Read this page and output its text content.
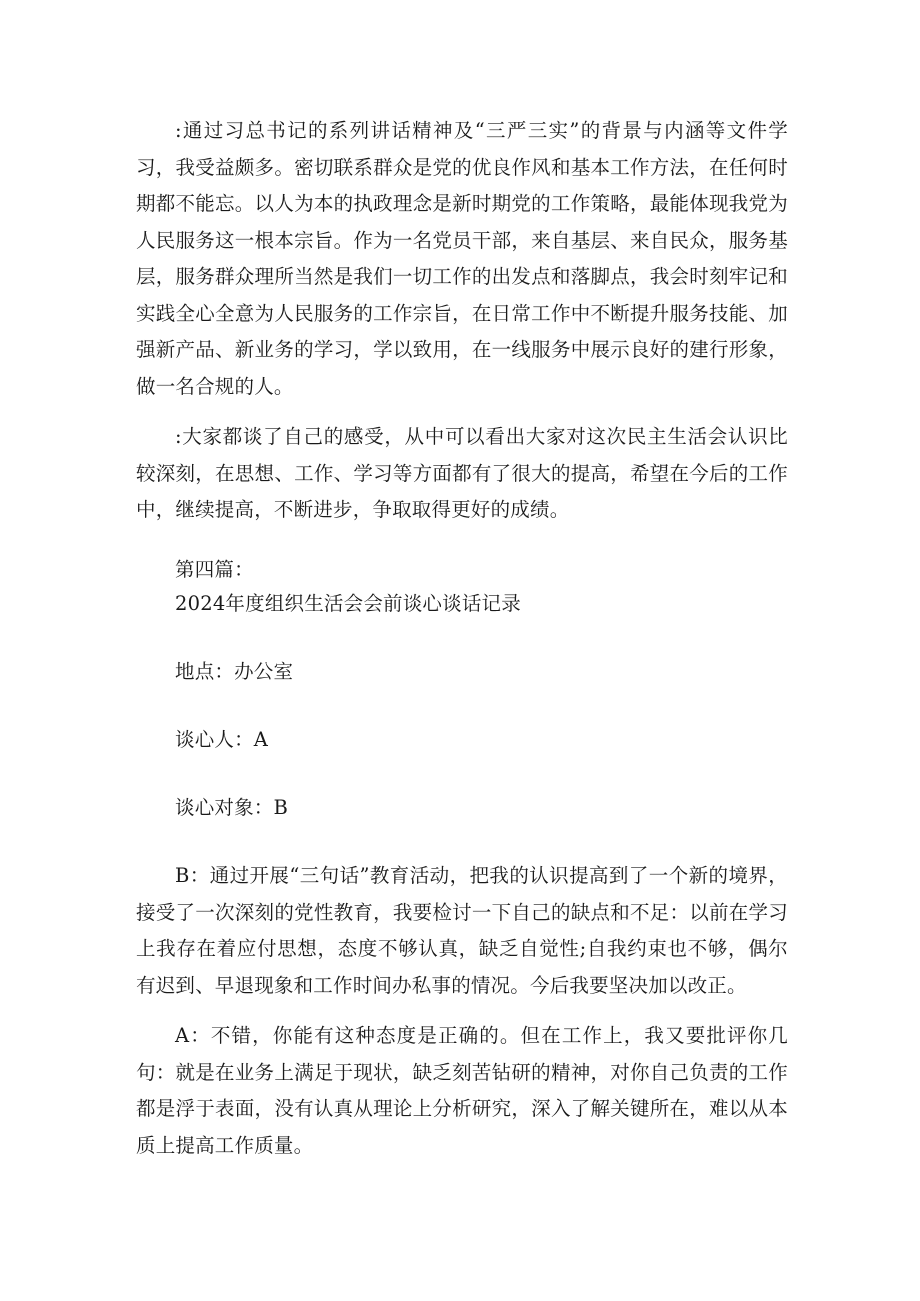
:通过习总书记的系列讲话精神及“三严三实”的背景与内涵等文件学习，我受益颇多。密切联系群众是党的优良作风和基本工作方法，在任何时期都不能忘。以人为本的执政理念是新时期党的工作策略，最能体现我党为人民服务这一根本宗旨。作为一名党员干部，来自基层、来自民众，服务基层，服务群众理所当然是我们一切工作的出发点和落脚点，我会时刻牢记和实践全心全意为人民服务的工作宗旨，在日常工作中不断提升服务技能、加强新产品、新业务的学习，学以致用，在一线服务中展示良好的建行形象，做一名合规的人。

:大家都谈了自己的感受，从中可以看出大家对这次民主生活会认识比较深刻，在思想、工作、学习等方面都有了很大的提高，希望在今后的工作中，继续提高，不断进步，争取取得更好的成绩。

第四篇：

2024年度组织生活会会前谈心谈话记录

地点：办公室

谈心人：A

谈心对象：B

B：通过开展“三句话”教育活动，把我的认识提高到了一个新的境界，接受了一次深刻的党性教育，我要检讨一下自己的缺点和不足：以前在学习上我存在着应付思想，态度不够认真，缺乏自觉性;自我约束也不够，偶尔有迟到、早退现象和工作时间办私事的情况。今后我要坚决加以改正。

A：不错，你能有这种态度是正确的。但在工作上，我又要批评你几句：就是在业务上满足于现状，缺乏刻苦钻研的精神，对你自己负责的工作都是浮于表面，没有认真从理论上分析研究，深入了解关键所在，难以从本质上提高工作质量。
